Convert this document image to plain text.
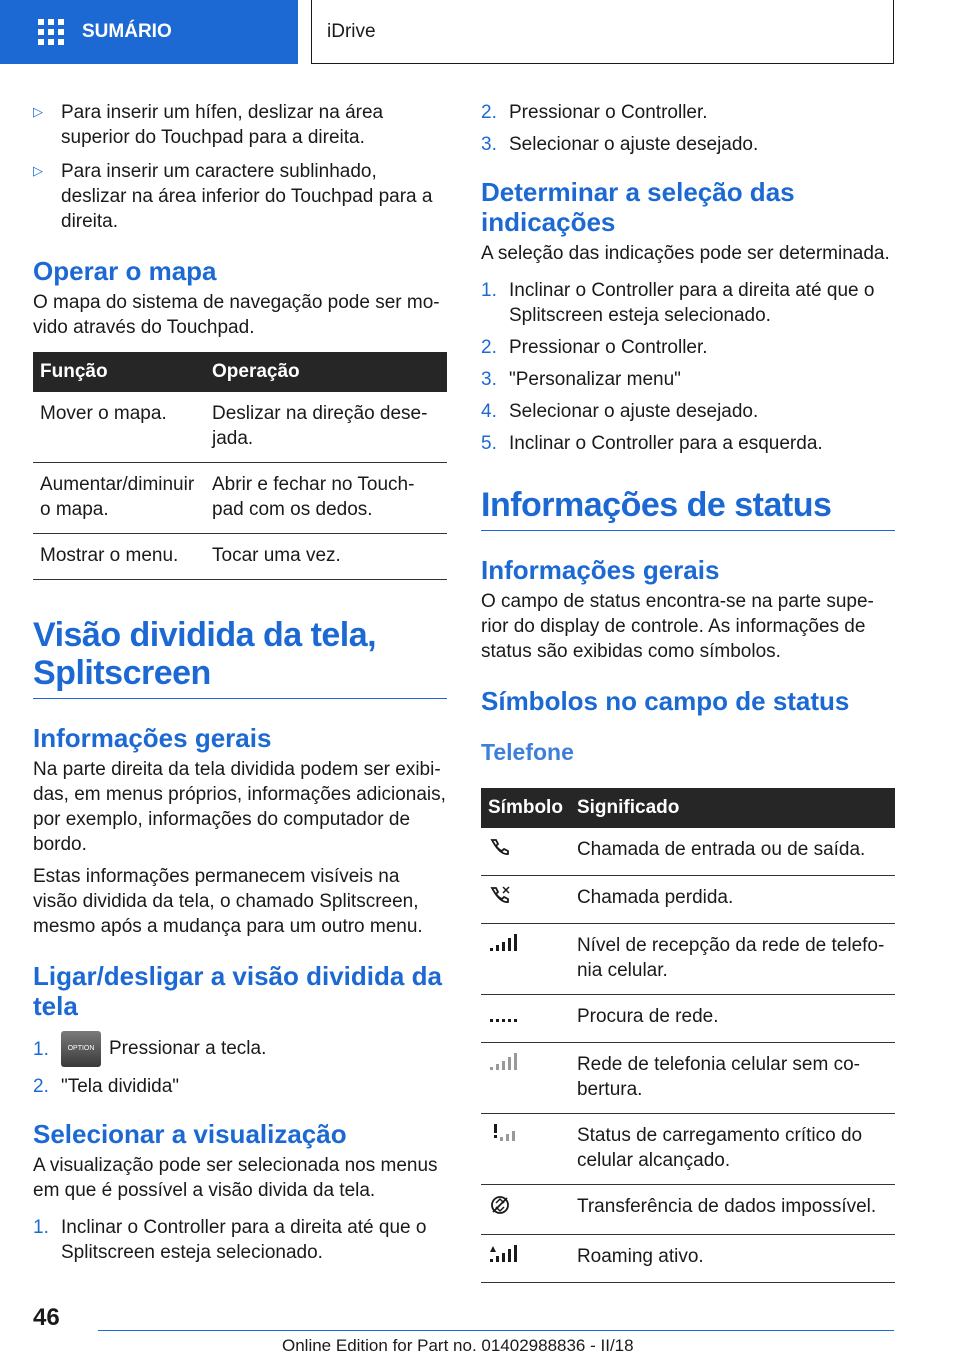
SUMÁRIO	iDrive
▷ Para inserir um hífen, deslizar na área superior do Touchpad para a direita.
▷ Para inserir um caractere sublinhado, deslizar na área inferior do Touchpad para a direita.
Operar o mapa

O mapa do sistema de navegação pode ser mo-vido através do Touchpad.

Função	Operação
Mover o mapa.	Deslizar na direção dese-jada.
Aumentar/diminuir o mapa.	Abrir e fechar no Touch-pad com os dedos.
Mostrar o menu.	Tocar uma vez.
Visão dividida da tela, Splitscreen
Informações gerais

Na parte direita da tela dividida podem ser exibi-das, em menus próprios, informações adicionais, por exemplo, informações do computador de bordo.

Estas informações permanecem visíveis na visão dividida da tela, o chamado Splitscreen, mesmo após a mudança para um outro menu.

Ligar/desligar a visão dividida da tela
1.	OPTION Pressionar a tecla.
2. "Tela dividida"
Selecionar a visualização

A visualização pode ser selecionada nos menus em que é possível a visão divida da tela.

1. Inclinar o Controller para a direita até que o Splitscreen esteja selecionado.
2. Pressionar o Controller.
3. Selecionar o ajuste desejado.
Determinar a seleção das indicações

A seleção das indicações pode ser determinada.

1. Inclinar o Controller para a direita até que o Splitscreen esteja selecionado.
2. Pressionar o Controller.
3. "Personalizar menu"
4. Selecionar o ajuste desejado.
5. Inclinar o Controller para a esquerda.
Informações de status
Informações gerais

O campo de status encontra-se na parte supe-rior do display de controle. As informações de status são exibidas como símbolos.

Símbolos no campo de status
Telefone
Símbolo	Significado
	Chamada de entrada ou de saída.
	Chamada perdida.
	Nível de recepção da rede de telefo-nia celular.
	Procura de rede.
	Rede de telefonia celular sem co-bertura.
	Status de carregamento crítico do celular alcançado.
	Transferência de dados impossível.
	Roaming ativo.
46
Online Edition for Part no. 01402988836 - II/18
